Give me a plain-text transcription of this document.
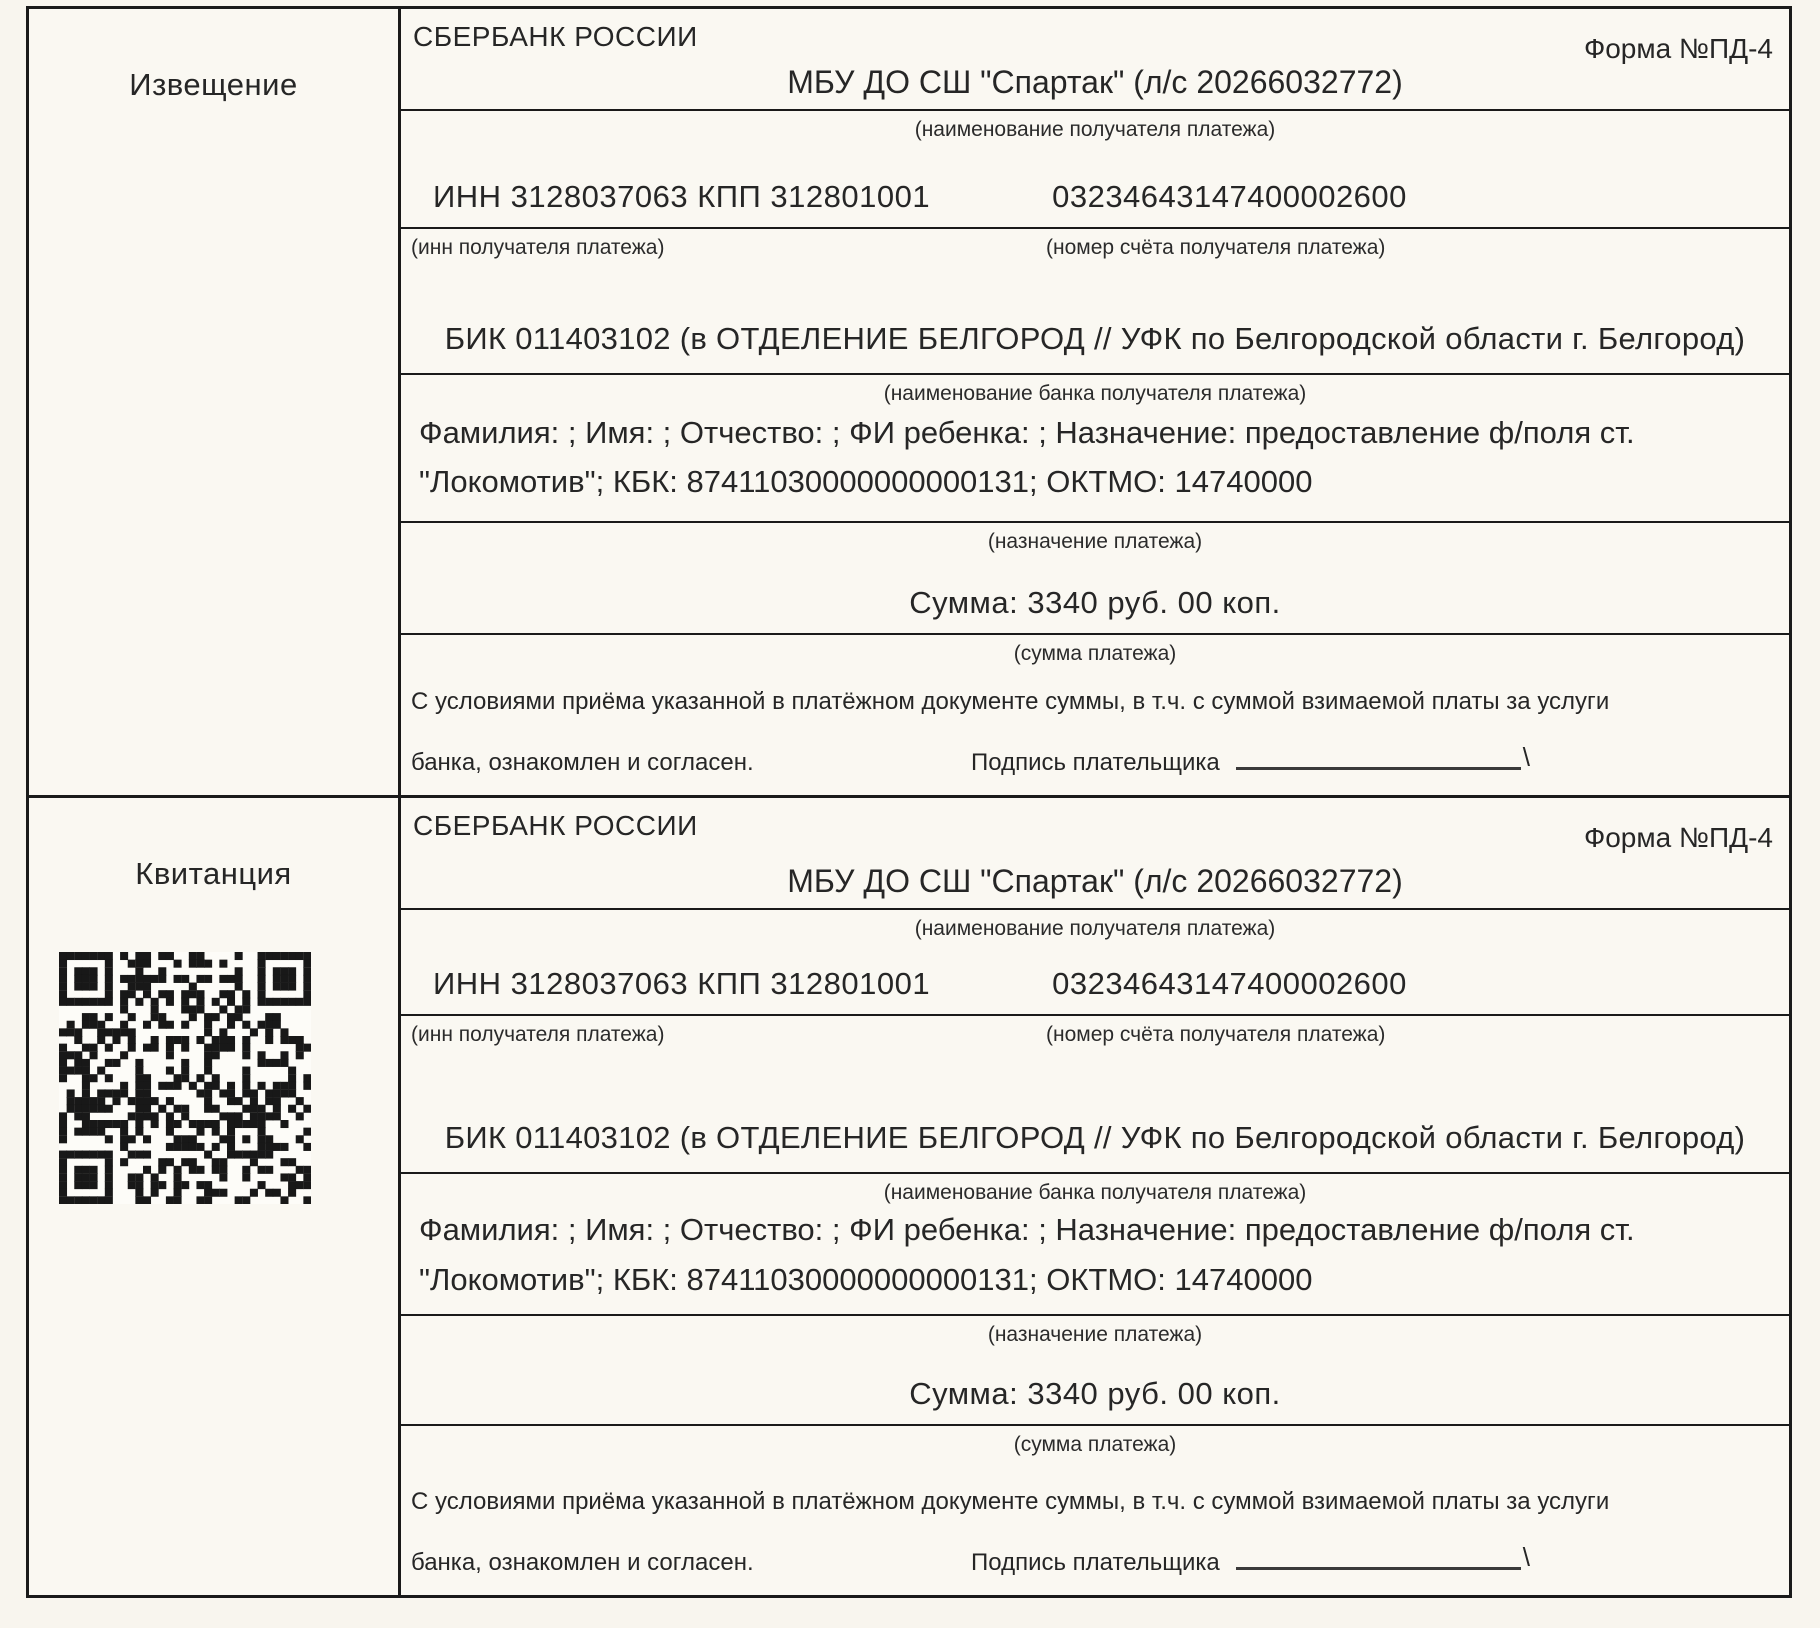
Извещение
СБЕРБАНК РОССИИ	Форма №ПД-4
МБУ ДО СШ "Спартак" (л/с 20266032772)
(наименование получателя платежа)
ИНН 3128037063 КПП 312801001	03234643147400002600
(инн получателя платежа)	(номер счёта получателя платежа)
БИК 011403102 (в ОТДЕЛЕНИЕ БЕЛГОРОД // УФК по Белгородской области г. Белгород)
(наименование банка получателя платежа)
Фамилия: ; Имя: ; Отчество: ; ФИ ребенка: ; Назначение: предоставление ф/поля ст. "Локомотив"; КБК: 87411030000000000131; ОКТМО: 14740000
(назначение платежа)
Сумма: 3340 руб. 00 коп.
(сумма платежа)
С условиями приёма указанной в платёжном документе суммы, в т.ч. с суммой взимаемой платы за услуги
банка, ознакомлен и согласен.	Подпись плательщика	\
Квитанция
СБЕРБАНК РОССИИ	Форма №ПД-4
МБУ ДО СШ "Спартак" (л/с 20266032772)
(наименование получателя платежа)
ИНН 3128037063 КПП 312801001	03234643147400002600
(инн получателя платежа)	(номер счёта получателя платежа)
БИК 011403102 (в ОТДЕЛЕНИЕ БЕЛГОРОД // УФК по Белгородской области г. Белгород)
(наименование банка получателя платежа)
Фамилия: ; Имя: ; Отчество: ; ФИ ребенка: ; Назначение: предоставление ф/поля ст. "Локомотив"; КБК: 87411030000000000131; ОКТМО: 14740000
(назначение платежа)
Сумма: 3340 руб. 00 коп.
(сумма платежа)
С условиями приёма указанной в платёжном документе суммы, в т.ч. с суммой взимаемой платы за услуги
банка, ознакомлен и согласен.	Подпись плательщика	\
